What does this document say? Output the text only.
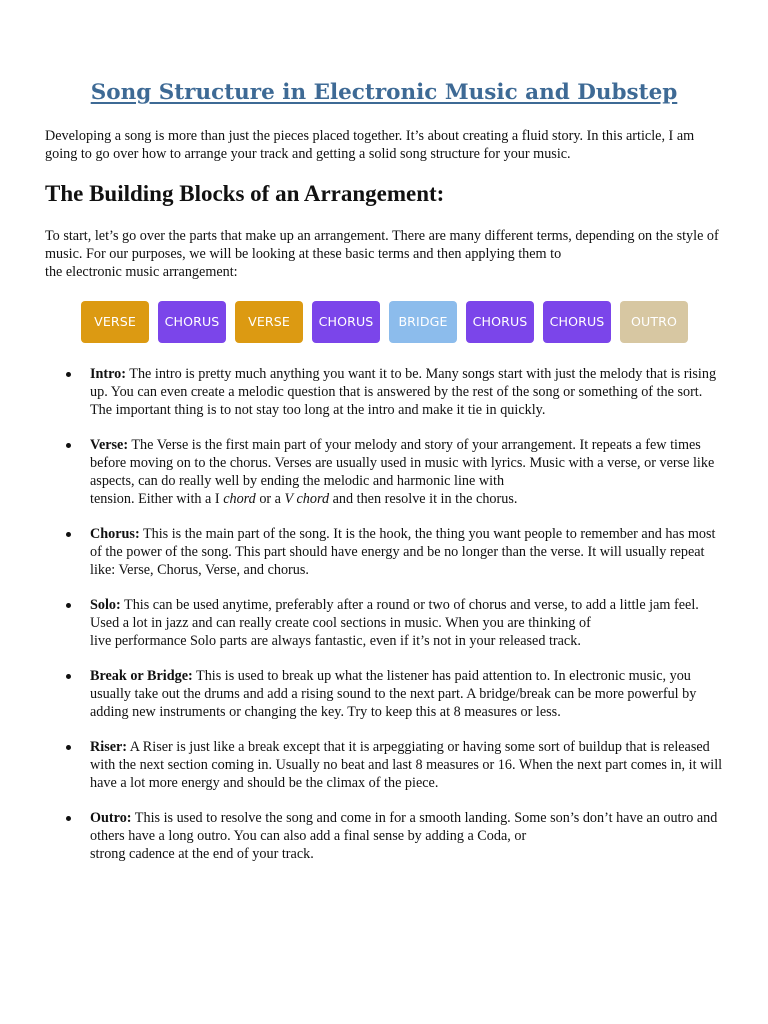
Song Structure in Electronic Music and Dubstep

Developing a song is more than just the pieces placed together. It’s about creating a fluid story. In this article, I am going to go over how to arrange your track and getting a solid song structure for your music.

The Building Blocks of an Arrangement:

To start, let’s go over the parts that make up an arrangement. There are many different terms, depending on the style of music. For our purposes, we will be looking at these basic terms and then applying them to
the electronic music arrangement:

VERSE	CHORUS	VERSE	CHORUS	BRIDGE	CHORUS	CHORUS	OUTRO
Intro: The intro is pretty much anything you want it to be. Many songs start with just the melody that is rising up. You can even create a melodic question that is answered by the rest of the song or something of the sort. The important thing is to not stay too long at the intro and make it tie in quickly.
Verse: The Verse is the first main part of your melody and story of your arrangement. It repeats a few times before moving on to the chorus. Verses are usually used in music with lyrics. Music with a verse, or verse like aspects, can do really well by ending the melodic and harmonic line with
tension. Either with a I chord or a V chord and then resolve it in the chorus.
Chorus: This is the main part of the song. It is the hook, the thing you want people to remember and has most of the power of the song. This part should have energy and be no longer than the verse. It will usually repeat like: Verse, Chorus, Verse, and chorus.
Solo: This can be used anytime, preferably after a round or two of chorus and verse, to add a little jam feel. Used a lot in jazz and can really create cool sections in music. When you are thinking of
live performance Solo parts are always fantastic, even if it’s not in your released track.
Break or Bridge: This is used to break up what the listener has paid attention to. In electronic music, you usually take out the drums and add a rising sound to the next part. A bridge/break can be more powerful by adding new instruments or changing the key. Try to keep this at 8 measures or less.
Riser: A Riser is just like a break except that it is arpeggiating or having some sort of buildup that is released with the next section coming in. Usually no beat and last 8 measures or 16. When the next part comes in, it will have a lot more energy and should be the climax of the piece.
Outro: This is used to resolve the song and come in for a smooth landing. Some son’s don’t have an outro and others have a long outro. You can also add a final sense by adding a Coda, or
strong cadence at the end of your track.
